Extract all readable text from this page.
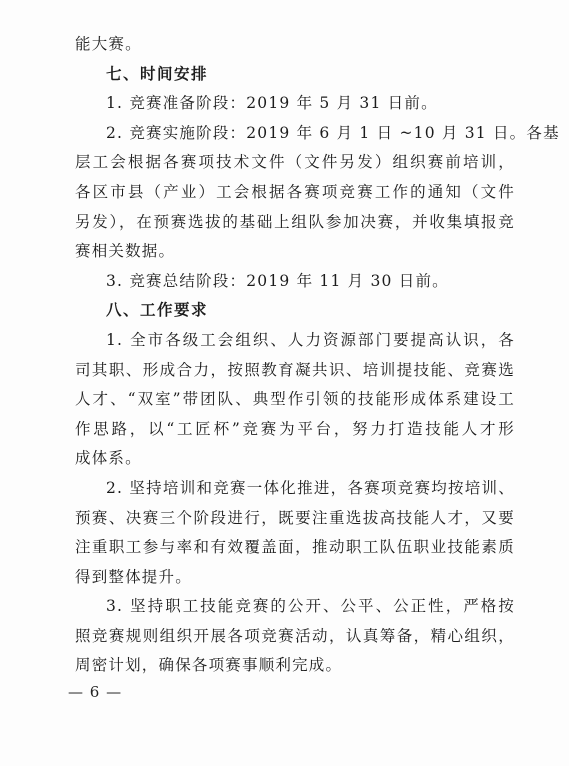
能大赛。

七、时间安排

1. 竞赛准备阶段：2019 年 5 月 31 日前。

2. 竞赛实施阶段：2019 年 6 月 1 日 ~10 月 31 日。各基

层工会根据各赛项技术文件（文件另发）组织赛前培训，

各区市县（产业）工会根据各赛项竞赛工作的通知（文件

另发），在预赛选拔的基础上组队参加决赛，并收集填报竞

赛相关数据。

3. 竞赛总结阶段：2019 年 11 月 30 日前。

八、工作要求

1. 全市各级工会组织、人力资源部门要提高认识，各

司其职、形成合力，按照教育凝共识、培训提技能、竞赛选

人才、“双室”带团队、典型作引领的技能形成体系建设工

作思路，以“工匠杯”竞赛为平台，努力打造技能人才形

成体系。

2. 坚持培训和竞赛一体化推进，各赛项竞赛均按培训、

预赛、决赛三个阶段进行，既要注重选拔高技能人才，又要

注重职工参与率和有效覆盖面，推动职工队伍职业技能素质

得到整体提升。

3. 坚持职工技能竞赛的公开、公平、公正性，严格按

照竞赛规则组织开展各项竞赛活动，认真筹备，精心组织，

周密计划，确保各项赛事顺利完成。

— 6 —
